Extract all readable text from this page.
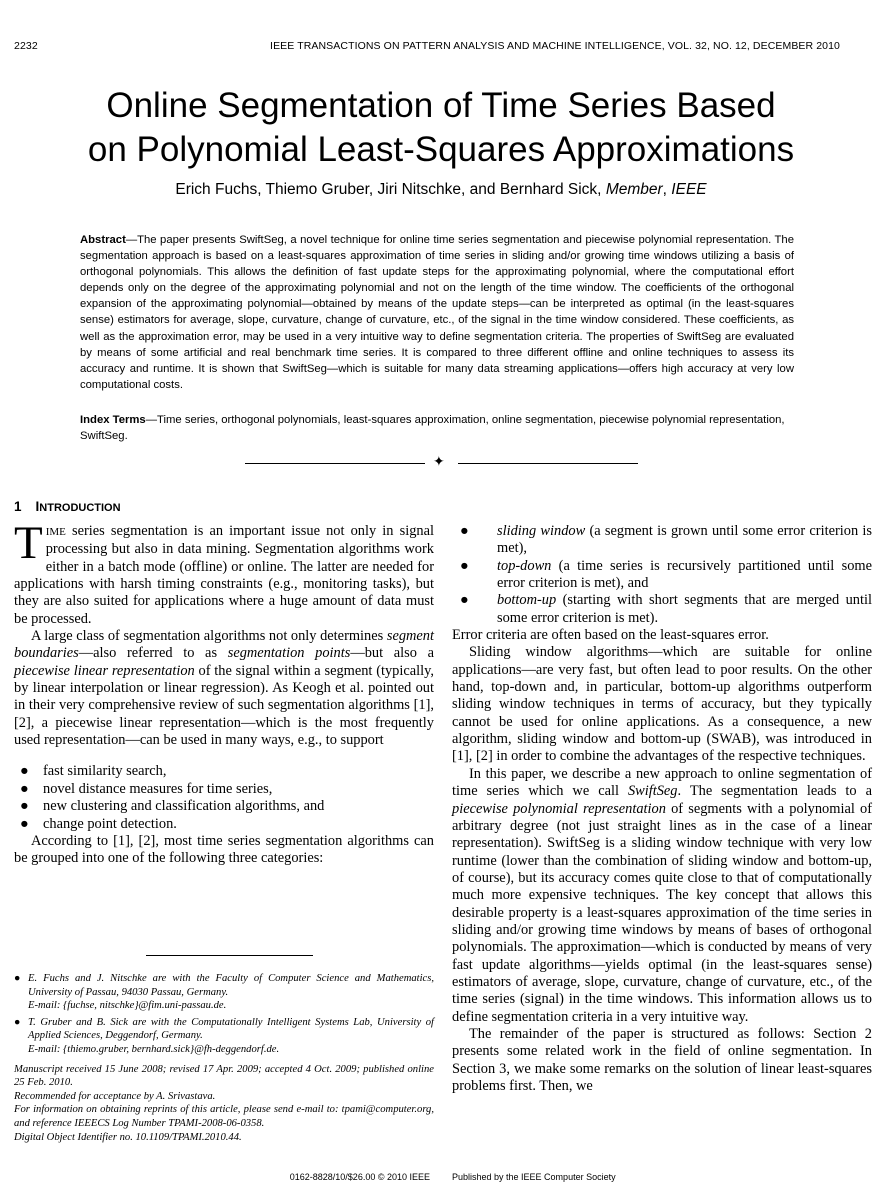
2232	IEEE TRANSACTIONS ON PATTERN ANALYSIS AND MACHINE INTELLIGENCE, VOL. 32, NO. 12, DECEMBER 2010
Online Segmentation of Time Series Based
on Polynomial Least-Squares Approximations
Erich Fuchs, Thiemo Gruber, Jiri Nitschke, and Bernhard Sick, Member, IEEE

Abstract—The paper presents SwiftSeg, a novel technique for online time series segmentation and piecewise polynomial representation. The segmentation approach is based on a least-squares approximation of time series in sliding and/or growing time windows utilizing a basis of orthogonal polynomials. This allows the definition of fast update steps for the approximating polynomial, where the computational effort depends only on the degree of the approximating polynomial and not on the length of the time window. The coefficients of the orthogonal expansion of the approximating polynomial—obtained by means of the update steps—can be interpreted as optimal (in the least-squares sense) estimators for average, slope, curvature, change of curvature, etc., of the signal in the time window considered. These coefficients, as well as the approximation error, may be used in a very intuitive way to define segmentation criteria. The properties of SwiftSeg are evaluated by means of some artificial and real benchmark time series. It is compared to three different offline and online techniques to assess its accuracy and runtime. It is shown that SwiftSeg—which is suitable for many data streaming applications—offers high accuracy at very low computational costs.

Index Terms—Time series, orthogonal polynomials, least-squares approximation, online segmentation, piecewise polynomial representation, SwiftSeg.

✦
1 INTRODUCTION

TIME series segmentation is an important issue not only in signal processing but also in data mining. Segmentation algorithms work either in a batch mode (offline) or online. The latter are needed for applications with harsh timing constraints (e.g., monitoring tasks), but they are also suited for applications where a huge amount of data must be processed.

A large class of segmentation algorithms not only determines segment boundaries—also referred to as segmentation points—but also a piecewise linear representation of the signal within a segment (typically, by linear interpolation or linear regression). As Keogh et al. pointed out in their very comprehensive review of such segmentation algorithms [1], [2], a piecewise linear representation—which is the most frequently used representation—can be used in many ways, e.g., to support

● fast similarity search,
● novel distance measures for time series,
● new clustering and classification algorithms, and
● change point detection.

According to [1], [2], most time series segmentation algorithms can be grouped into one of the following three categories:

● E. Fuchs and J. Nitschke are with the Faculty of Computer Science and Mathematics, University of Passau, 94030 Passau, Germany.
E-mail: {fuchse, nitschke}@fim.uni-passau.de.
● T. Gruber and B. Sick are with the Computationally Intelligent Systems Lab, University of Applied Sciences, Deggendorf, Germany.
E-mail: {thiemo.gruber, bernhard.sick}@fh-deggendorf.de.

Manuscript received 15 June 2008; revised 17 Apr. 2009; accepted 4 Oct. 2009; published online 25 Feb. 2010.

Recommended for acceptance by A. Srivastava.

For information on obtaining reprints of this article, please send e-mail to: tpami@computer.org, and reference IEEECS Log Number TPAMI-2008-06-0358.

Digital Object Identifier no. 10.1109/TPAMI.2010.44.

● sliding window (a segment is grown until some error criterion is met),
● top-down (a time series is recursively partitioned until some error criterion is met), and
● bottom-up (starting with short segments that are merged until some error criterion is met).

Error criteria are often based on the least-squares error.

Sliding window algorithms—which are suitable for online applications—are very fast, but often lead to poor results. On the other hand, top-down and, in particular, bottom-up algorithms outperform sliding window techniques in terms of accuracy, but they typically cannot be used for online applications. As a consequence, a new algorithm, sliding window and bottom-up (SWAB), was introduced in [1], [2] in order to combine the advantages of the respective techniques.

In this paper, we describe a new approach to online segmentation of time series which we call SwiftSeg. The segmentation leads to a piecewise polynomial representation of segments with a polynomial of arbitrary degree (not just straight lines as in the case of a linear representation). SwiftSeg is a sliding window technique with very low runtime (lower than the combination of sliding window and bottom-up, of course), but its accuracy comes quite close to that of computationally much more expensive techniques. The key concept that allows this desirable property is a least-squares approximation of the time series in sliding and/or growing time windows by means of bases of orthogonal polynomials. The approximation—which is conducted by means of very fast update algorithms—yields optimal (in the least-squares sense) estimators of average, slope, curvature, change of curvature, etc., of the time series (signal) in the time windows. This information allows us to define segmentation criteria in a very intuitive way.

The remainder of the paper is structured as follows: Section 2 presents some related work in the field of online segmentation. In Section 3, we make some remarks on the solution of linear least-squares problems first. Then, we

0162-8828/10/$26.00 © 2010 IEEE Published by the IEEE Computer Society
